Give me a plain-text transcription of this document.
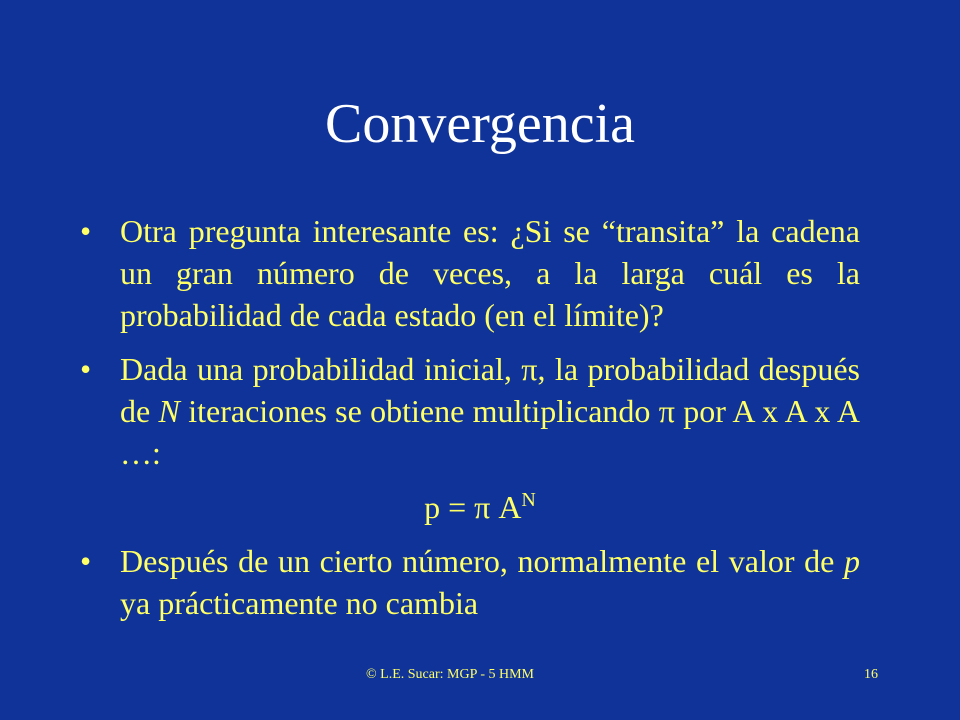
Convergencia
• Otra pregunta interesante es: ¿Si se “transita” la cadena un gran número de veces, a la larga cuál es la probabilidad de cada estado (en el límite)?
• Dada una probabilidad inicial, π, la probabilidad después de N iteraciones se obtiene multiplicando π por A x A x A …:
p = π $A^N$
• Después de un cierto número, normalmente el valor de p ya prácticamente no cambia
© L.E. Sucar: MGP - 5 HMM	16
